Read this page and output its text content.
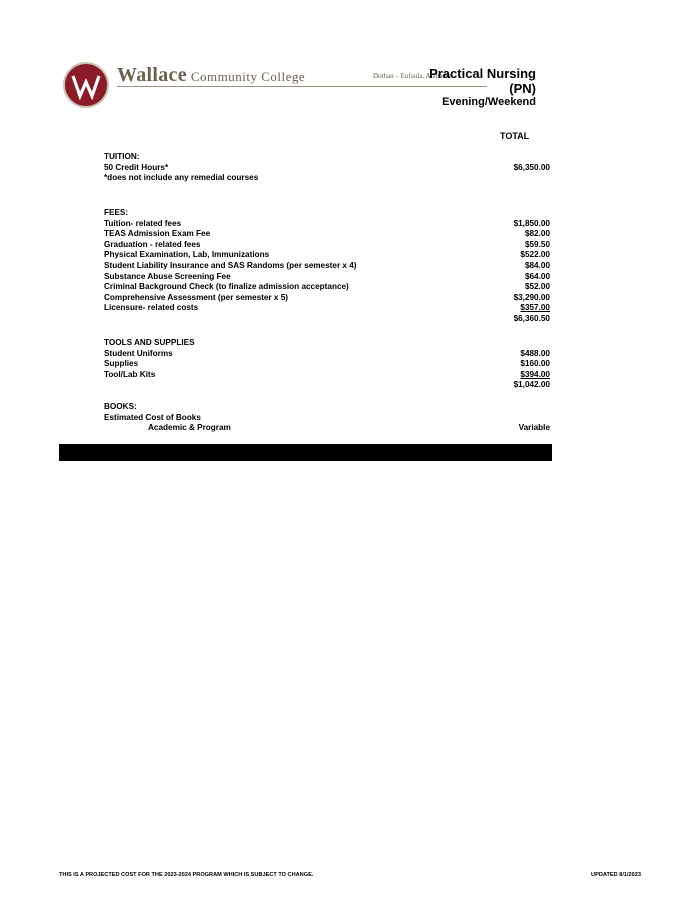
Wallace Community College	Dothan – Eufaula, Alabama
Practical Nursing
(PN)
Evening/Weekend
TOTAL
TUITION:
50 Credit Hours*	$6,350.00
*does not include any remedial courses
FEES:
Tuition- related fees	$1,850.00
TEAS Admission Exam Fee	$82.00
Graduation - related fees	$59.50
Physical Examination, Lab, Immunizations	$522.00
Student Liability Insurance and SAS Randoms (per semester x 4)	$84.00
Substance Abuse Screening Fee	$64.00
Criminal Background Check (to finalize admission acceptance)	$52.00
Comprehensive Assessment (per semester x 5)	$3,290.00
Licensure- related costs	$357.00
$6,360.50
TOOLS AND SUPPLIES
Student Uniforms	$488.00
Supplies	$160.00
Tool/Lab Kits	$394.00
$1,042.00
BOOKS:
Estimated Cost of Books
Academic & Program	Variable
THIS IS A PROJECTED COST FOR THE 2023-2024 PROGRAM WHICH IS SUBJECT TO CHANGE.	UPDATED 8/1/2023
